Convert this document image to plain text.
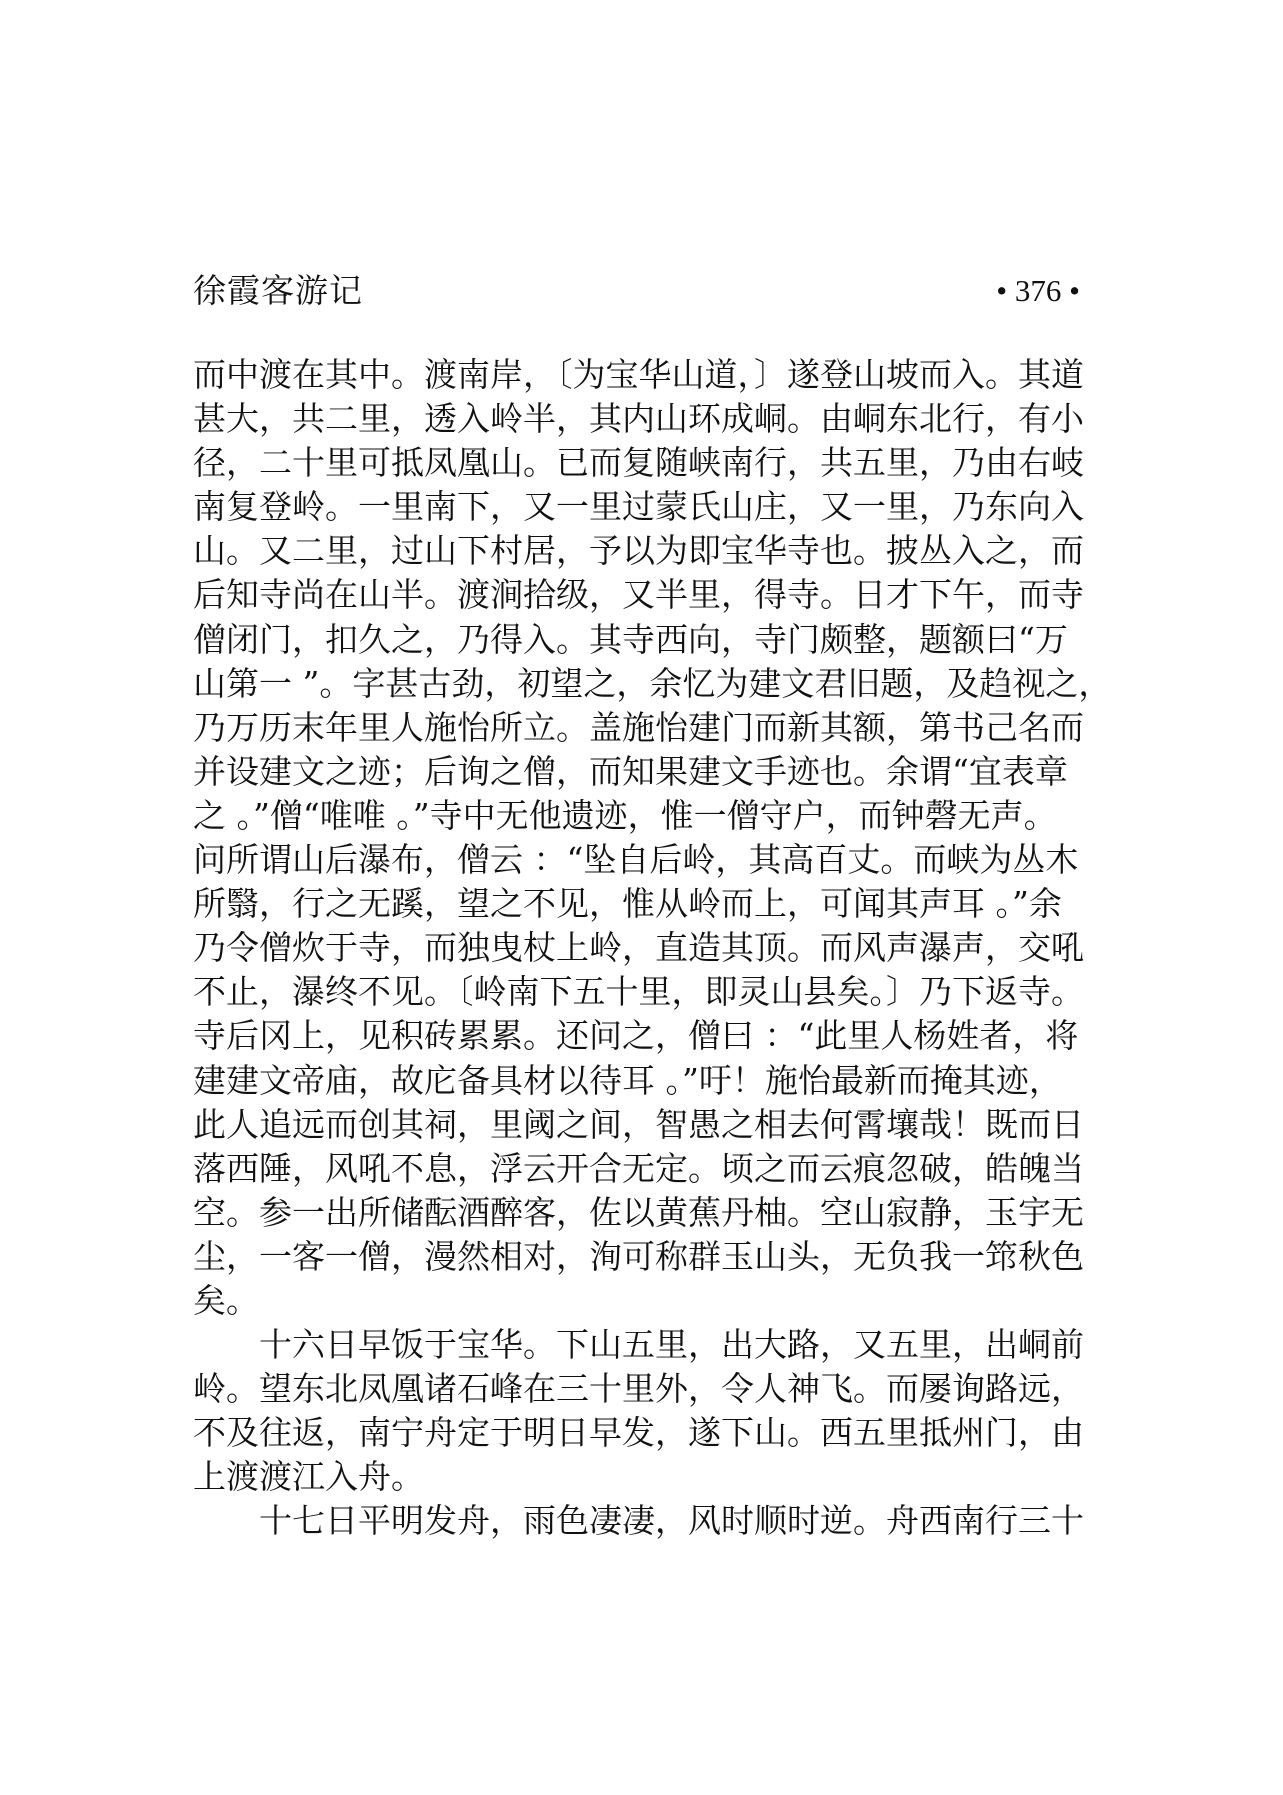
徐霞客游记	• 376 •
而中渡在其中。渡南岸，〔为宝华山道，〕遂登山坡而入。其道
甚大，共二里，透入岭半，其内山环成峒。由峒东北行，有小
径，二十里可抵凤凰山。已而复随峡南行，共五里，乃由右岐
南复登岭。一里南下，又一里过蒙氏山庄，又一里，乃东向入
山。又二里，过山下村居，予以为即宝华寺也。披丛入之，而
后知寺尚在山半。渡涧拾级，又半里，得寺。日才下午，而寺
僧闭门，扣久之，乃得入。其寺西向，寺门颇整，题额曰“万
山第一 ”。字甚古劲，初望之，余忆为建文君旧题，及趋视之，
乃万历末年里人施怡所立。盖施怡建门而新其额，第书己名而
并设建文之迹；后询之僧，而知果建文手迹也。余谓“宜表章
之 。”僧“唯唯 。”寺中无他遗迹，惟一僧守户，而钟磬无声。
问所谓山后瀑布，僧云 ：“坠自后岭，其高百丈。而峡为丛木
所翳，行之无蹊，望之不见，惟从岭而上，可闻其声耳 。”余
乃令僧炊于寺，而独曳杖上岭，直造其顶。而风声瀑声，交吼
不止，瀑终不见。〔岭南下五十里，即灵山县矣。〕乃下返寺。
寺后冈上，见积砖累累。还问之，僧曰 ：“此里人杨姓者，将
建建文帝庙，故庀备具材以待耳 。”吁！施怡最新而掩其迹，
此人追远而创其祠，里阈之间，智愚之相去何霄壤哉！既而日
落西陲，风吼不息，浮云开合无定。顷之而云痕忽破，皓魄当
空。参一出所储酝酒醉客，佐以黄蕉丹柚。空山寂静，玉宇无
尘，一客一僧，漫然相对，洵可称群玉山头，无负我一筇秋色
矣。
　　十六日早饭于宝华。下山五里，出大路，又五里，出峒前
岭。望东北凤凰诸石峰在三十里外，令人神飞。而屡询路远，
不及往返，南宁舟定于明日早发，遂下山。西五里抵州门，由
上渡渡江入舟。
　　十七日平明发舟，雨色凄凄，风时顺时逆。舟西南行三十
